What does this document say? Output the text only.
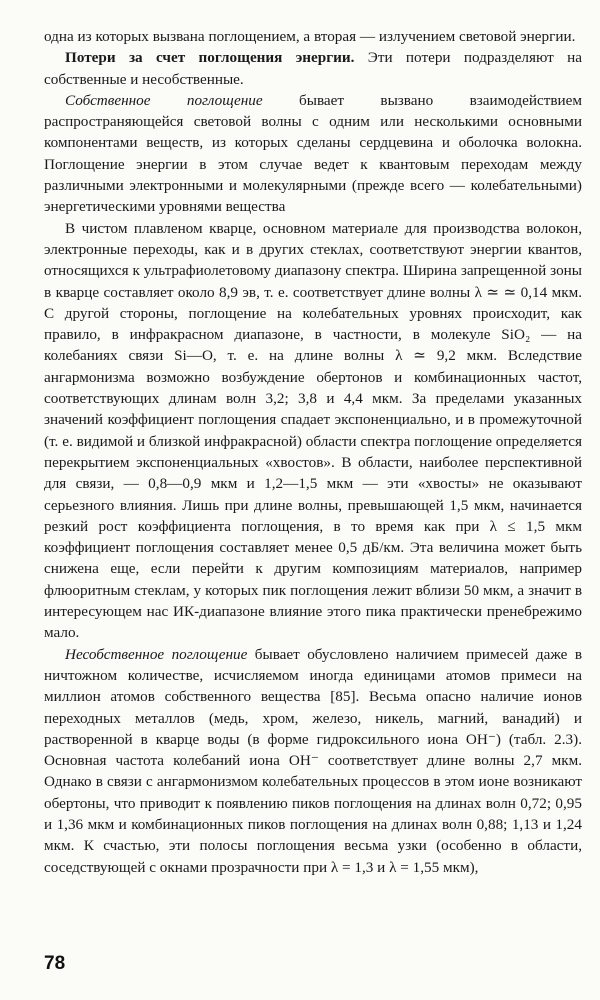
одна из которых вызвана поглощением, а вторая — излучением световой энергии.

Потери за счет поглощения энергии. Эти потери подразделяют на собственные и несобственные.

Собственное поглощение бывает вызвано взаимодействием распространяющейся световой волны с одним или несколькими основными компонентами веществ, из которых сделаны сердцевина и оболочка волокна. Поглощение энергии в этом случае ведет к квантовым переходам между различными электронными и молекулярными (прежде всего — колебательными) энергетическими уровнями вещества

В чистом плавленом кварце, основном материале для производства волокон, электронные переходы, как и в других стеклах, соответствуют энергии квантов, относящихся к ультрафиолетовому диапазону спектра. Ширина запрещенной зоны в кварце составляет около 8,9 эв, т. е. соответствует длине волны λ ≃ ≃ 0,14 мкм. С другой стороны, поглощение на колебательных уровнях происходит, как правило, в инфракрасном диапазоне, в частности, в молекуле SiO₂ — на колебаниях связи Si—O, т. е. на длине волны λ ≃ 9,2 мкм. Вследствие ангармонизма возможно возбуждение обертонов и комбинационных частот, соответствующих длинам волн 3,2; 3,8 и 4,4 мкм. За пределами указанных значений коэффициент поглощения спадает экспоненциально, и в промежуточной (т. е. видимой и близкой инфракрасной) области спектра поглощение определяется перекрытием экспоненциальных «хвостов». В области, наиболее перспективной для связи, — 0,8—0,9 мкм и 1,2—1,5 мкм — эти «хвосты» не оказывают серьезного влияния. Лишь при длине волны, превышающей 1,5 мкм, начинается резкий рост коэффициента поглощения, в то время как при λ ≤ 1,5 мкм коэффициент поглощения составляет менее 0,5 дБ/км. Эта величина может быть снижена еще, если перейти к другим композициям материалов, например флюоритным стеклам, у которых пик поглощения лежит вблизи 50 мкм, а значит в интересующем нас ИК-диапазоне влияние этого пика практически пренебрежимо мало.

Несобственное поглощение бывает обусловлено наличием примесей даже в ничтожном количестве, исчисляемом иногда единицами атомов примеси на миллион атомов собственного вещества [85]. Весьма опасно наличие ионов переходных металлов (медь, хром, железо, никель, магний, ванадий) и растворенной в кварце воды (в форме гидроксильного иона OH⁻) (табл. 2.3). Основная частота колебаний иона OH⁻ соответствует длине волны 2,7 мкм. Однако в связи с ангармонизмом колебательных процессов в этом ионе возникают обертоны, что приводит к появлению пиков поглощения на длинах волн 0,72; 0,95 и 1,36 мкм и комбинационных пиков поглощения на длинах волн 0,88; 1,13 и 1,24 мкм. К счастью, эти полосы поглощения весьма узки (особенно в области, соседствующей с окнами прозрачности при λ = 1,3 и λ = 1,55 мкм),

78
